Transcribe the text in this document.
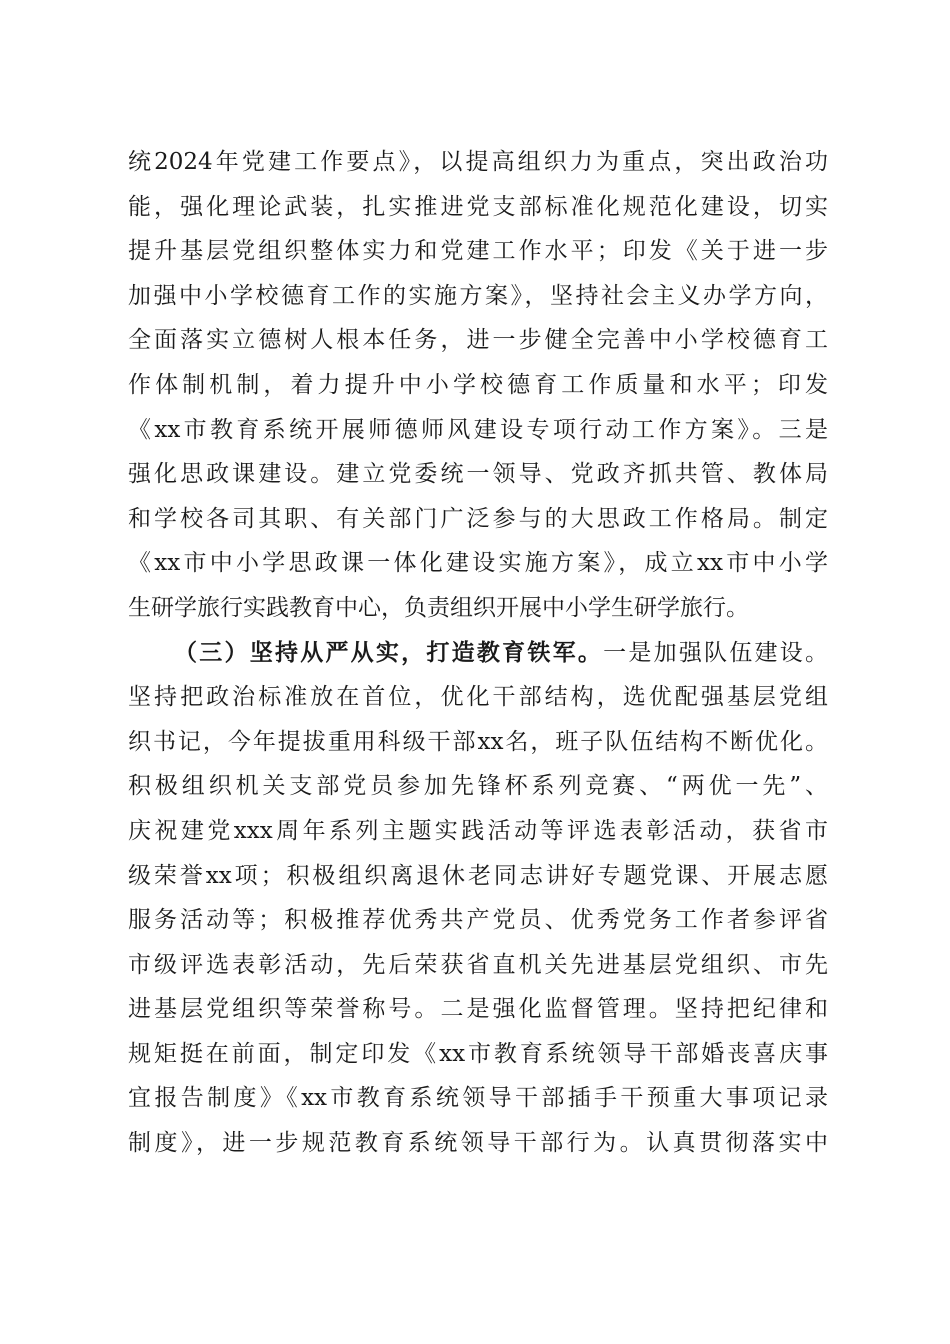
统2024年党建工作要点》，以提高组织力为重点，突出政治功
能，强化理论武装，扎实推进党支部标准化规范化建设，切实
提升基层党组织整体实力和党建工作水平；印发《关于进一步
加强中小学校德育工作的实施方案》，坚持社会主义办学方向，
全面落实立德树人根本任务，进一步健全完善中小学校德育工
作体制机制，着力提升中小学校德育工作质量和水平；印发
《xx市教育系统开展师德师风建设专项行动工作方案》。三是
强化思政课建设。建立党委统一领导、党政齐抓共管、教体局
和学校各司其职、有关部门广泛参与的大思政工作格局。制定
《xx市中小学思政课一体化建设实施方案》，成立xx市中小学
生研学旅行实践教育中心，负责组织开展中小学生研学旅行。
（三）坚持从严从实，打造教育铁军。一是加强队伍建设。
坚持把政治标准放在首位，优化干部结构，选优配强基层党组
织书记，今年提拔重用科级干部xx名，班子队伍结构不断优化。
积极组织机关支部党员参加先锋杯系列竞赛、“两优一先”、
庆祝建党xxx周年系列主题实践活动等评选表彰活动，获省市
级荣誉xx项；积极组织离退休老同志讲好专题党课、开展志愿
服务活动等；积极推荐优秀共产党员、优秀党务工作者参评省
市级评选表彰活动，先后荣获省直机关先进基层党组织、市先
进基层党组织等荣誉称号。二是强化监督管理。坚持把纪律和
规矩挺在前面，制定印发《xx市教育系统领导干部婚丧喜庆事
宜报告制度》《xx市教育系统领导干部插手干预重大事项记录
制度》，进一步规范教育系统领导干部行为。认真贯彻落实中
